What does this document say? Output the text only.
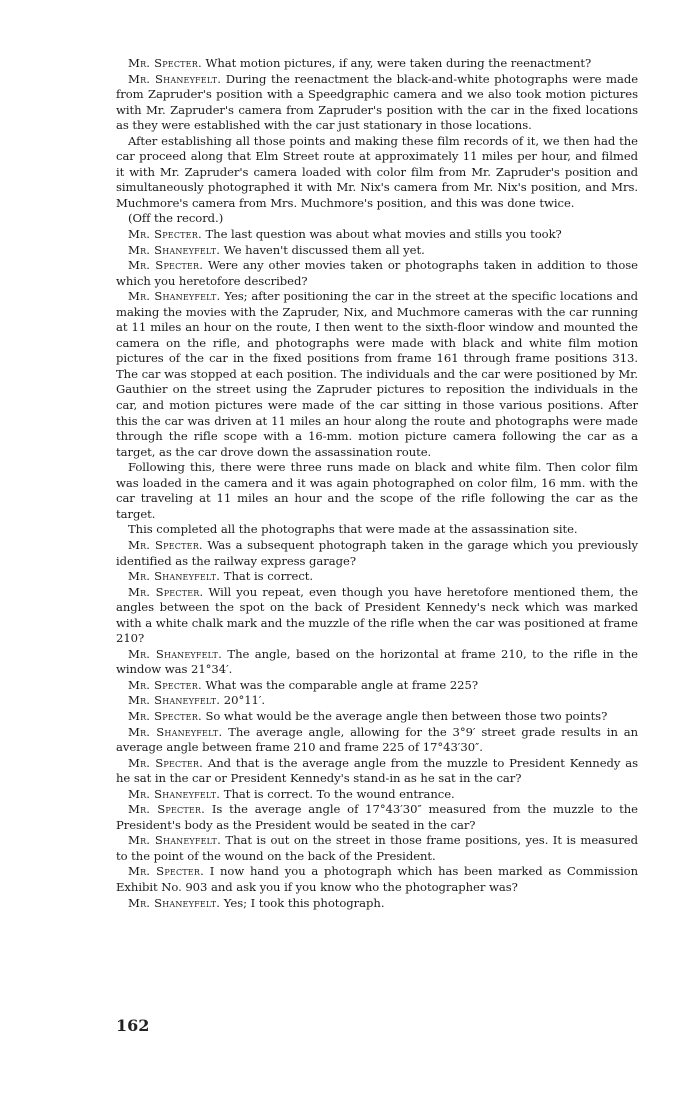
Mr. Specter. What motion pictures, if any, were taken during the reenactment?

Mr. Shaneyfelt. During the reenactment the black-and-white photographs were made from Zapruder's position with a Speedgraphic camera and we also took motion pictures with Mr. Zapruder's camera from Zapruder's position with the car in the fixed locations as they were established with the car just stationary in those locations.

After establishing all those points and making these film records of it, we then had the car proceed along that Elm Street route at approximately 11 miles per hour, and filmed it with Mr. Zapruder's camera loaded with color film from Mr. Zapruder's position and simultaneously photographed it with Mr. Nix's camera from Mr. Nix's position, and Mrs. Muchmore's camera from Mrs. Muchmore's position, and this was done twice.

(Off the record.)

Mr. Specter. The last question was about what movies and stills you took?

Mr. Shaneyfelt. We haven't discussed them all yet.

Mr. Specter. Were any other movies taken or photographs taken in addition to those which you heretofore described?

Mr. Shaneyfelt. Yes; after positioning the car in the street at the specific locations and making the movies with the Zapruder, Nix, and Muchmore cameras with the car running at 11 miles an hour on the route, I then went to the sixth-floor window and mounted the camera on the rifle, and photographs were made with black and white film motion pictures of the car in the fixed positions from frame 161 through frame positions 313. The car was stopped at each position. The individuals and the car were positioned by Mr. Gauthier on the street using the Zapruder pictures to reposition the individuals in the car, and motion pictures were made of the car sitting in those various positions. After this the car was driven at 11 miles an hour along the route and photographs were made through the rifle scope with a 16-mm. motion picture camera following the car as a target, as the car drove down the assassination route.

Following this, there were three runs made on black and white film. Then color film was loaded in the camera and it was again photographed on color film, 16 mm. with the car traveling at 11 miles an hour and the scope of the rifle following the car as the target.

This completed all the photographs that were made at the assassination site.

Mr. Specter. Was a subsequent photograph taken in the garage which you previously identified as the railway express garage?

Mr. Shaneyfelt. That is correct.

Mr. Specter. Will you repeat, even though you have heretofore mentioned them, the angles between the spot on the back of President Kennedy's neck which was marked with a white chalk mark and the muzzle of the rifle when the car was positioned at frame 210?

Mr. Shaneyfelt. The angle, based on the horizontal at frame 210, to the rifle in the window was 21°34′.

Mr. Specter. What was the comparable angle at frame 225?

Mr. Shaneyfelt. 20°11′.

Mr. Specter. So what would be the average angle then between those two points?

Mr. Shaneyfelt. The average angle, allowing for the 3°9′ street grade results in an average angle between frame 210 and frame 225 of 17°43′30″.

Mr. Specter. And that is the average angle from the muzzle to President Kennedy as he sat in the car or President Kennedy's stand-in as he sat in the car?

Mr. Shaneyfelt. That is correct. To the wound entrance.

Mr. Specter. Is the average angle of 17°43′30″ measured from the muzzle to the President's body as the President would be seated in the car?

Mr. Shaneyfelt. That is out on the street in those frame positions, yes. It is measured to the point of the wound on the back of the President.

Mr. Specter. I now hand you a photograph which has been marked as Commission Exhibit No. 903 and ask you if you know who the photographer was?

Mr. Shaneyfelt. Yes; I took this photograph.

162
